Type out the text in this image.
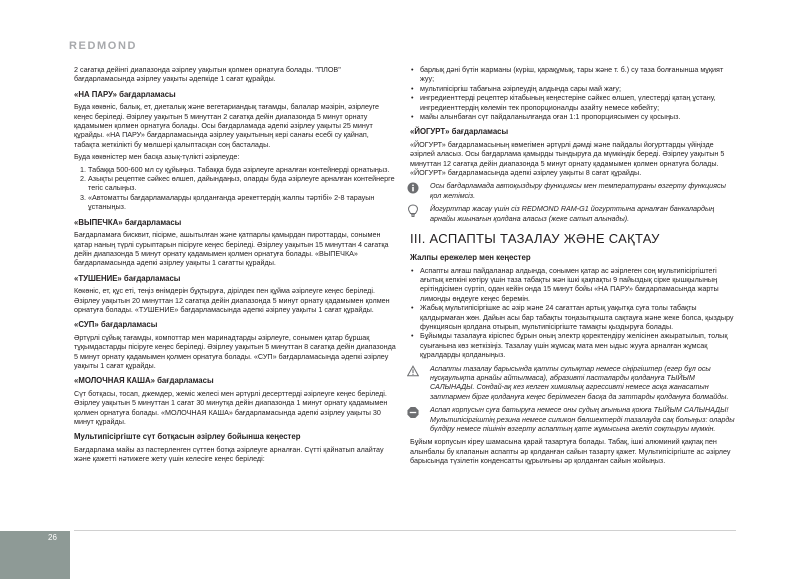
REDMOND

2 сағатқа дейінгі диапазонда әзірлеу уақытын қолмен орнатуға болады. "ПЛОВ" бағдарламасында әзірлеу уақыты әдепкіде 1 сағат құрайды.

«НА ПАРУ» бағдарламасы

Буда көкөніс, балық, ет, диеталық және вегетариандық тағамды, балалар мәзірін, әзірлеуге кеңес беріледі. Әзірлеу уақытын 5 минуттан 2 сағатқа дейін диапазонда 5 минут орнату қадамымен қолмен орнатуға болады. Осы бағдарламада әдепкі әзірлеу уақыты 25 минут құрайды. «НА ПАРУ» бағдарламасында әзірлеу уақытының кері санағы есебі су қайнап, табақта жеткілікті бу мөлшері қалыптасқан соң басталады.

Буда көкөністер мен басқа азық-түлікті әзірлеуде:

1. Табаққа 500-600 мл су құйыңыз. Табаққа буда әзірлеуге арналған контейнерді орнатыңыз.
2. Азықты рецептке сәйкес өлшеп, дайындаңыз, оларды буда әзірлеуге арналған контейнерге тегіс салыңыз.
3. «Автоматты бағдарламаларды қолданғанда әрекеттердің жалпы тәртібі» 2-8 тарауын ұстаныңыз.
«ВЫПЕЧКА» бағдарламасы

Бағдарламаға бисквит, пісірме, ашытылған және қатпарлы қамырдан пироттарды, сонымен қатар наның түрлі сурыптарын пісіруге кеңес беріледі. Әзірлеу уақытын 15 минуттан 4 сағатқа дейін диапазонда 5 минут орнату қадамымен қолмен орнатуға болады. «ВЫПЕЧКА» бағдарламасында әдепкі әзірлеу уақыты 1 сағатты құрайды.

«ТУШЕНИЕ» бағдарламасы

Көкөніс, ет, құс еті, теңіз өнімдерін бұқтыруға, дірілдек пен құйма әзірлеуге кеңес беріледі. Әзірлеу уақытын 20 минуттан 12 сағатқа дейін диапазонда 5 минут орнату қадамымен қолмен орнатуға болады. «ТУШЕНИЕ» бағдарламасында әдепкі әзірлеу уақыты 1 сағат құрайды.

«СУП» бағдарламасы

Әртүрлі сұйық тағамды, компоттар мен маринадтарды әзірлеуге, сонымен қатар бұршақ тұқымдастарды пісіруге кеңес беріледі. Әзірлеу уақытын 5 минуттан 8 сағатқа дейін диапазонда 5 минут орнату қадамымен қолмен орнатуға болады. «СУП» бағдарламасында әдепкі әзірлеу уақыты 1 сағат құрайды.

«МОЛОЧНАЯ КАША» бағдарламасы

Сүт ботқасы, тосап, джемдер, жеміс желесі мен әртүрлі десерттерді әзірлеуге кеңес беріледі. Әзірлеу уақытын 5 минуттан 1 сағат 30 минутқа дейін диапазонда 1 минут орнату қадамымен қолмен орнатуға болады. «МОЛОЧНАЯ КАША» бағдарламасында әдепкі әзірлеу уақыты 30 минут құрайды.

Мультипісіргіште сүт ботқасын әзірлеу бойынша кеңестер

Бағдарлама майы аз пастерленген сүттен ботқа әзірлеуге арналған. Сүтті қайнатып алайтау және қажетті нәтижеге жету үшін келесіге кеңес беріледі:

• барлық дәні бүтін жарманы (күріш, қарақұмық, тары және т. б.) су таза болғанынша мұқият жуу;
• мультипісіргіш табағына әзірлеудің алдында сары май жағу;
• ингредиенттерді рецептер кітабының кеңестеріне сәйкес өлшеп, үлестерді қатаң ұстану, ингредиенттердің көлемін тек пропорционалды азайту немесе көбейту;
• майы алынбаған сүт пайдаланылғанда оған 1:1 пропорциясымен су қосыңыз.
«ЙОГУРТ» бағдарламасы

«ЙОГУРТ» бағдарламасының көмегімен әртүрлі дәмді және пайдалы йогурттарды үйіңізде әзірлей аласыз. Осы бағдарлама қамырды тындыруға да мүмкіндік береді. Әзірлеу уақытын 5 минуттан 12 сағатқа дейін диапазонда 5 минут орнату қадамымен қолмен орнатуға болады. «ЙОГУРТ» бағдарламасында әдепкі әзірлеу уақыты 8 сағат құрайды.

Осы бағдарламада автоқыздыру функциясы мен температураны өзгерту функциясы қол жетімсіз.
Йогурттар жасау үшін сіз REDMOND RAM-G1 йогурттына арналған банкалардың арнайы жиынағын қолдана аласыз (жеке сатып алынады).
III. АСПАПТЫ ТАЗАЛАУ ЖӘНЕ САҚТАУ
Жалпы ережелер мен кеңестер
• Аспапты алғаш пайдаланар алдында, сонымен қатар ас әзірлеген соң мультипісіргіштегі ағытық кепкіні көтіру үшін таза табақты жән ішкі қақпақты 9 пайыздық сірке қышқылының ерітіндісімен сүртіп, одан кейін онда 15 минут бойы «НА ПАРУ» бағдарламасында жарты лимонды өңдеуге кеңес беремін.
• Жабық мультипісіргішке ас әзір және 24 сағаттан артық уақытқа суға толы табақты қалдырмаған жөн. Дайын асы бар табақты тоңазытқышта сақтауға және жеке болса, қыздыру функциясын қолдана отырып, мультипісіргіште тамақты қыздыруға болады.
• Бұйымды тазалауға кіріспес бұрын оның электр қоректендіру желісінен ажыратылып, толық суығанына көз жеткізіңіз. Тазалау үшін жұмсақ мата мен ыдыс жууға арналған жұмсақ құралдарды қолданыңыз.
Аспапты тазалау барысында қатты сулықтар немесе сіңіргіштер (егер бұл осы нұсқаулықта арнайы айтылмаса), абразивті пасталарды қолдануға ТЫЙЫМ САЛЫНАДЫ. Сондай-ақ кез келген химиялық агрессивті немесе асқа жанасатын заттармен бірге қолдануға кеңес берілмеген басқа да заттарды қолдануға болмайды.
Аспап корпусын суға батыруға немесе оны судың ағынына қоюға ТЫЙЫМ САЛЫНАДЫ! Мультипісіргіштің резина немесе силикон бөлшектерді тазалауда сақ болыңыз: оларды бүлдіру немесе пішінін өзгерту аспаптың қате жұмысына әкеліп соқтыруы мүмкін.

Бұйым корпусын кіреу шамасына қарай тазартуға болады. Табақ, ішкі алюминий қақпақ пен алынбалы бу клапанын аспапты әр қолданған сайын тазарту қажет. Мультипісіргіште ас әзірлеу барысында түзілетін конденсатты құрылғыны әр қолданған сайын жойыңыз.

26
